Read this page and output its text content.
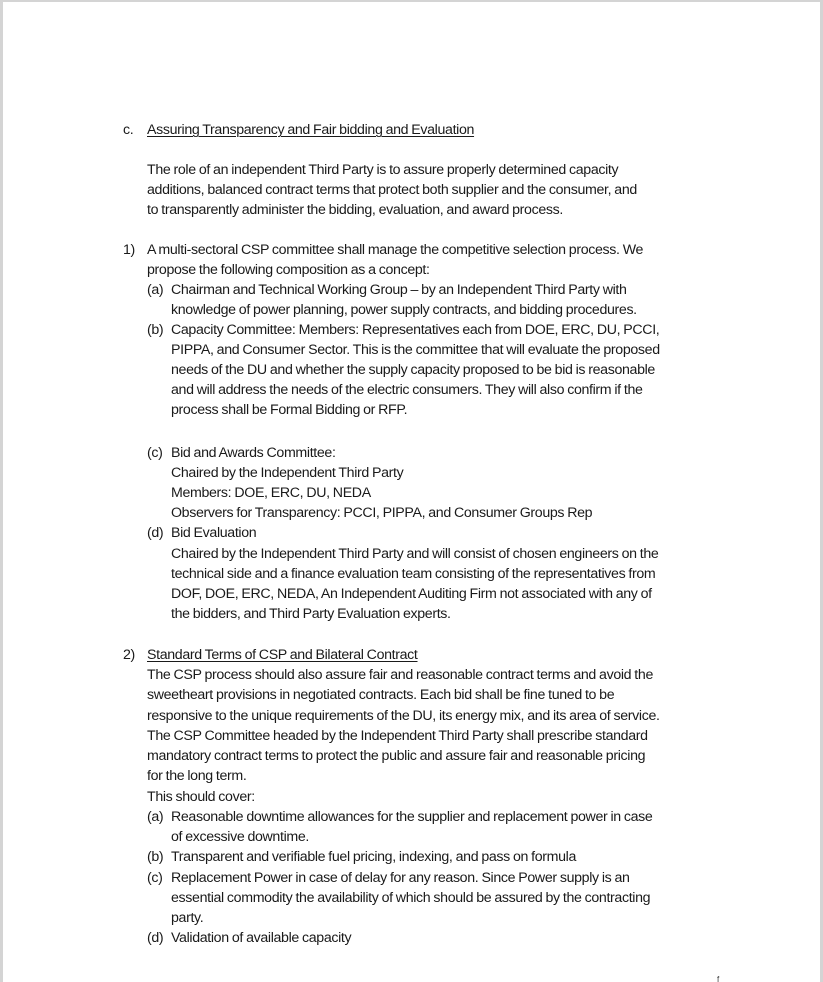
c. Assuring Transparency and Fair bidding and Evaluation
The role of an independent Third Party is to assure properly determined capacity
additions, balanced contract terms that protect both supplier and the consumer, and
to transparently administer the bidding, evaluation, and award process.
1) A multi-sectoral CSP committee shall manage the competitive selection process. We
propose the following composition as a concept:
(a) Chairman and Technical Working Group – by an Independent Third Party with
knowledge of power planning, power supply contracts, and bidding procedures.
(b) Capacity Committee: Members: Representatives each from DOE, ERC, DU, PCCI,
PIPPA, and Consumer Sector. This is the committee that will evaluate the proposed
needs of the DU and whether the supply capacity proposed to be bid is reasonable
and will address the needs of the electric consumers. They will also confirm if the
process shall be Formal Bidding or RFP.
(c) Bid and Awards Committee:
Chaired by the Independent Third Party
Members: DOE, ERC, DU, NEDA
Observers for Transparency: PCCI, PIPPA, and Consumer Groups Rep
(d) Bid Evaluation
Chaired by the Independent Third Party and will consist of chosen engineers on the
technical side and a finance evaluation team consisting of the representatives from
DOF, DOE, ERC, NEDA, An Independent Auditing Firm not associated with any of
the bidders, and Third Party Evaluation experts.
2) Standard Terms of CSP and Bilateral Contract
The CSP process should also assure fair and reasonable contract terms and avoid the
sweetheart provisions in negotiated contracts. Each bid shall be fine tuned to be
responsive to the unique requirements of the DU, its energy mix, and its area of service.
The CSP Committee headed by the Independent Third Party shall prescribe standard
mandatory contract terms to protect the public and assure fair and reasonable pricing
for the long term.
This should cover:
(a) Reasonable downtime allowances for the supplier and replacement power in case
of excessive downtime.
(b) Transparent and verifiable fuel pricing, indexing, and pass on formula
(c) Replacement Power in case of delay for any reason. Since Power supply is an
essential commodity the availability of which should be assured by the contracting
party.
(d) Validation of available capacity
f
